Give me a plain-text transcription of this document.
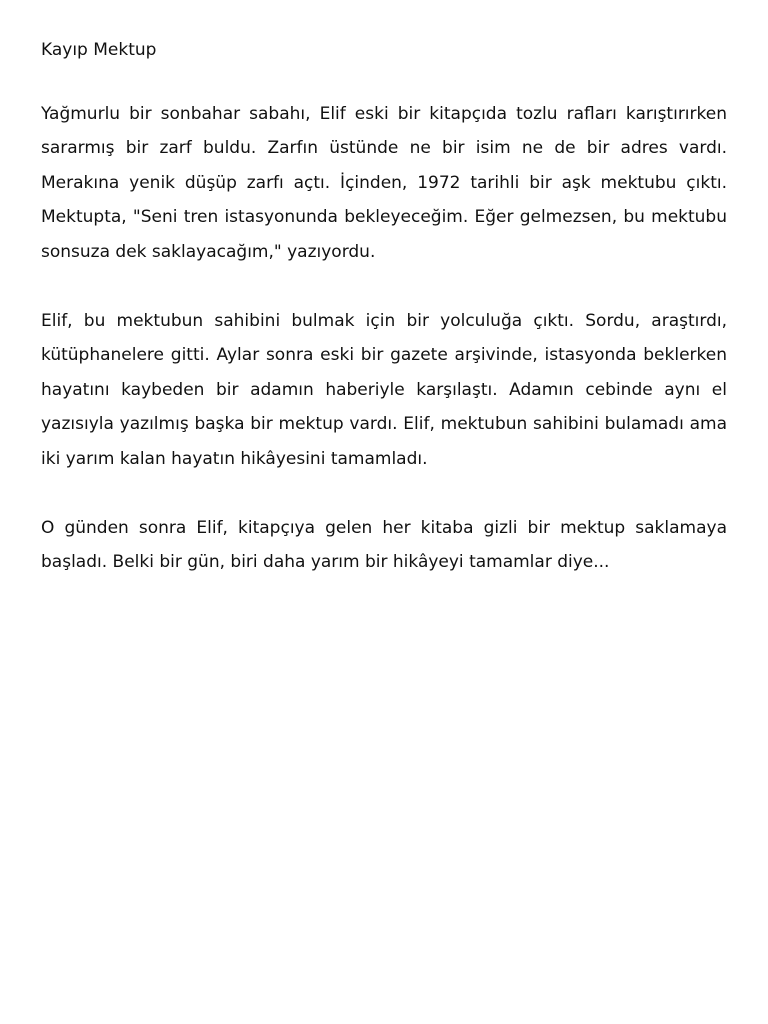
Kayıp Mektup

Yağmurlu bir sonbahar sabahı, Elif eski bir kitapçıda tozlu rafları karıştırırken sararmış bir zarf buldu. Zarfın üstünde ne bir isim ne de bir adres vardı. Merakına yenik düşüp zarfı açtı. İçinden, 1972 tarihli bir aşk mektubu çıktı. Mektupta, "Seni tren istasyonunda bekleyeceğim. Eğer gelmezsen, bu mektubu sonsuza dek saklayacağım," yazıyordu.

Elif, bu mektubun sahibini bulmak için bir yolculuğa çıktı. Sordu, araştırdı, kütüphanelere gitti. Aylar sonra eski bir gazete arşivinde, istasyonda beklerken hayatını kaybeden bir adamın haberiyle karşılaştı. Adamın cebinde aynı el yazısıyla yazılmış başka bir mektup vardı. Elif, mektubun sahibini bulamadı ama iki yarım kalan hayatın hikâyesini tamamladı.

O günden sonra Elif, kitapçıya gelen her kitaba gizli bir mektup saklamaya başladı. Belki bir gün, biri daha yarım bir hikâyeyi tamamlar diye...
